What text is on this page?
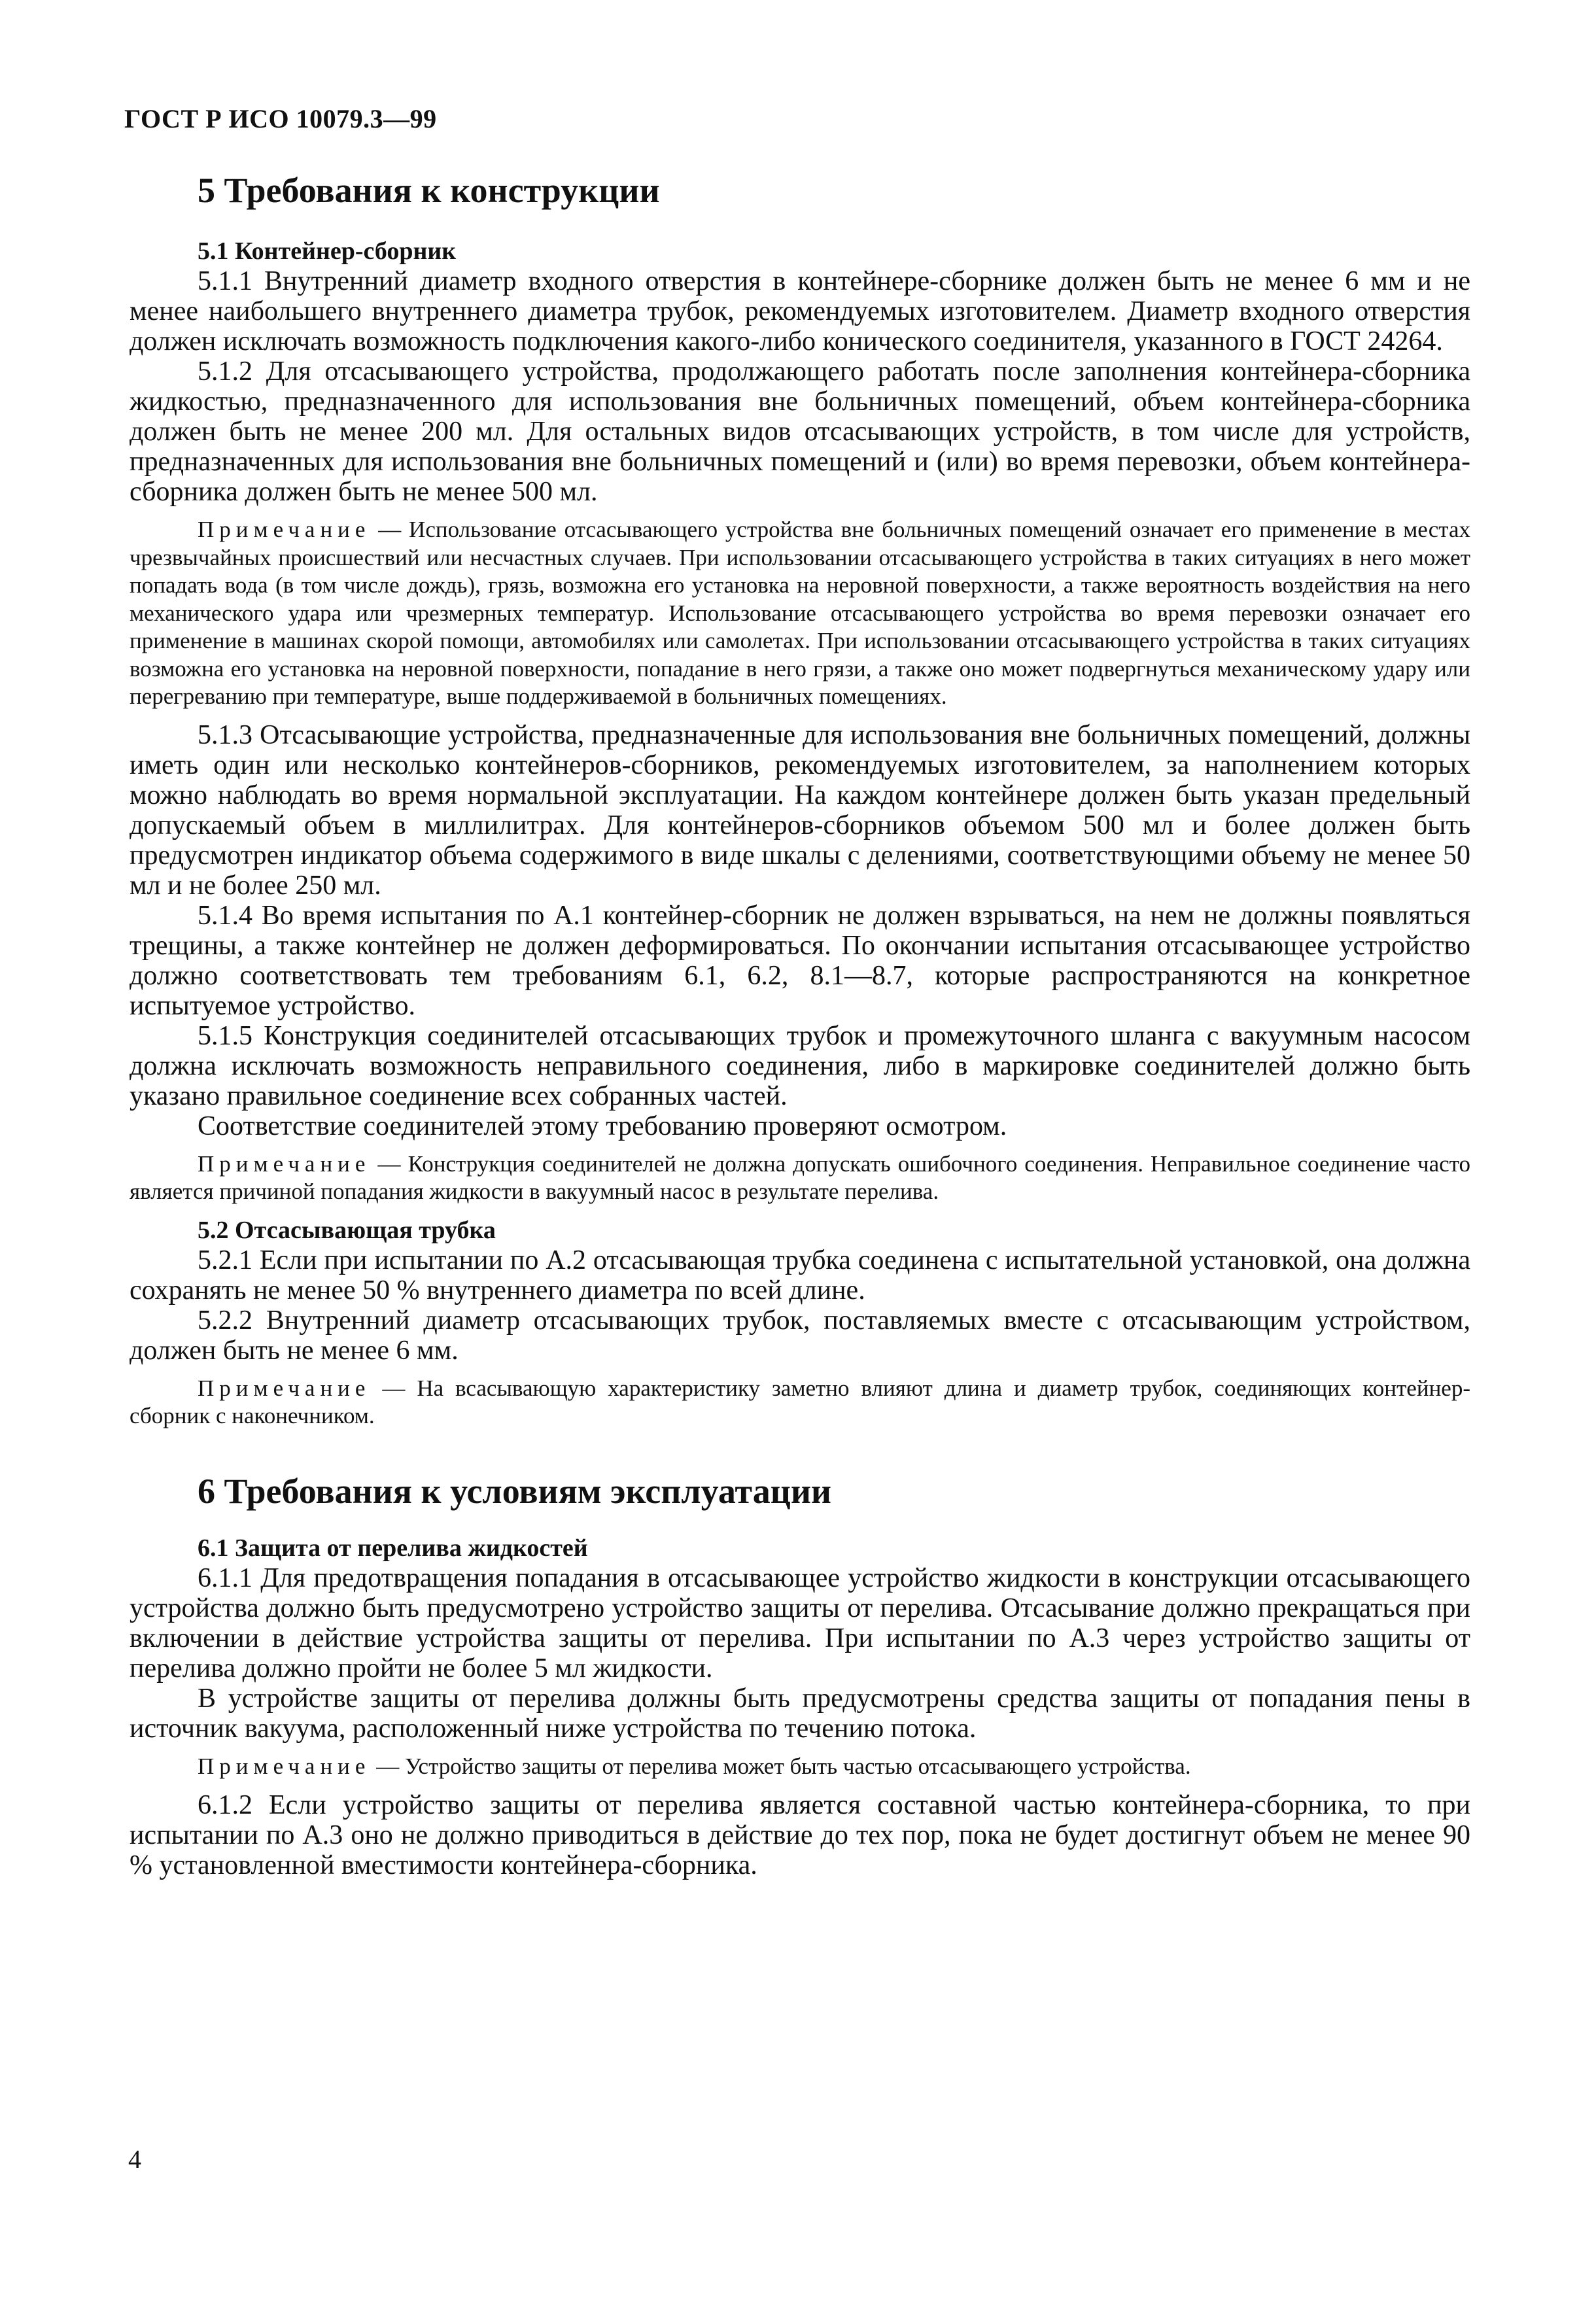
ГОСТ Р ИСО 10079.3—99
5 Требования к конструкции
5.1 Контейнер-сборник

5.1.1 Внутренний диаметр входного отверстия в контейнере-сборнике должен быть не менее 6 мм и не менее наибольшего внутреннего диаметра трубок, рекомендуемых изготовителем. Диаметр входного отверстия должен исключать возможность подключения какого-либо конического соединителя, указанного в ГОСТ 24264.

5.1.2 Для отсасывающего устройства, продолжающего работать после заполнения контейнера-сборника жидкостью, предназначенного для использования вне больничных помещений, объем контейнера-сборника должен быть не менее 200 мл. Для остальных видов отсасывающих устройств, в том числе для устройств, предназначенных для использования вне больничных помещений и (или) во время перевозки, объем контейнера-сборника должен быть не менее 500 мл.

Примечание — Использование отсасывающего устройства вне больничных помещений означает его применение в местах чрезвычайных происшествий или несчастных случаев. При использовании отсасывающего устройства в таких ситуациях в него может попадать вода (в том числе дождь), грязь, возможна его установка на неровной поверхности, а также вероятность воздействия на него механического удара или чрезмерных температур. Использование отсасывающего устройства во время перевозки означает его применение в машинах скорой помощи, автомобилях или самолетах. При использовании отсасывающего устройства в таких ситуациях возможна его установка на неровной поверхности, попадание в него грязи, а также оно может подвергнуться механическому удару или перегреванию при температуре, выше поддерживаемой в больничных помещениях.

5.1.3 Отсасывающие устройства, предназначенные для использования вне больничных помещений, должны иметь один или несколько контейнеров-сборников, рекомендуемых изготовителем, за наполнением которых можно наблюдать во время нормальной эксплуатации. На каждом контейнере должен быть указан предельный допускаемый объем в миллилитрах. Для контейнеров-сборников объемом 500 мл и более должен быть предусмотрен индикатор объема содержимого в виде шкалы с делениями, соответствующими объему не менее 50 мл и не более 250 мл.

5.1.4 Во время испытания по А.1 контейнер-сборник не должен взрываться, на нем не должны появляться трещины, а также контейнер не должен деформироваться. По окончании испытания отсасывающее устройство должно соответствовать тем требованиям 6.1, 6.2, 8.1—8.7, которые распространяются на конкретное испытуемое устройство.

5.1.5 Конструкция соединителей отсасывающих трубок и промежуточного шланга с вакуумным насосом должна исключать возможность неправильного соединения, либо в маркировке соединителей должно быть указано правильное соединение всех собранных частей.

Соответствие соединителей этому требованию проверяют осмотром.

Примечание — Конструкция соединителей не должна допускать ошибочного соединения. Неправильное соединение часто является причиной попадания жидкости в вакуумный насос в результате перелива.

5.2 Отсасывающая трубка

5.2.1 Если при испытании по А.2 отсасывающая трубка соединена с испытательной установкой, она должна сохранять не менее 50 % внутреннего диаметра по всей длине.

5.2.2 Внутренний диаметр отсасывающих трубок, поставляемых вместе с отсасывающим устройством, должен быть не менее 6 мм.

Примечание — На всасывающую характеристику заметно влияют длина и диаметр трубок, соединяющих контейнер-сборник с наконечником.

6 Требования к условиям эксплуатации
6.1 Защита от перелива жидкостей

6.1.1 Для предотвращения попадания в отсасывающее устройство жидкости в конструкции отсасывающего устройства должно быть предусмотрено устройство защиты от перелива. Отсасывание должно прекращаться при включении в действие устройства защиты от перелива. При испытании по А.3 через устройство защиты от перелива должно пройти не более 5 мл жидкости.

В устройстве защиты от перелива должны быть предусмотрены средства защиты от попадания пены в источник вакуума, расположенный ниже устройства по течению потока.

Примечание — Устройство защиты от перелива может быть частью отсасывающего устройства.

6.1.2 Если устройство защиты от перелива является составной частью контейнера-сборника, то при испытании по А.3 оно не должно приводиться в действие до тех пор, пока не будет достигнут объем не менее 90 % установленной вместимости контейнера-сборника.

4
